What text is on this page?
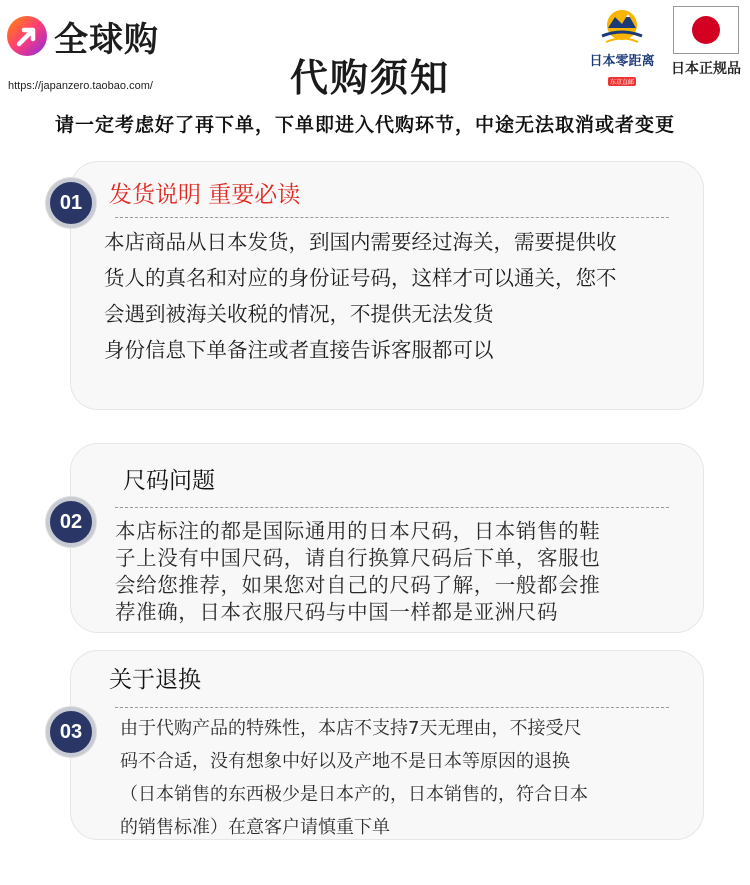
全球购
https://japanzero.taobao.com/	代购须知	日本零距离
东京直邮
日本正规品
请一定考虑好了再下单，下单即进入代购环节，中途无法取消或者变更
发货说明 重要必读
本店商品从日本发货，到国内需要经过海关，需要提供收
货人的真名和对应的身份证号码，这样才可以通关，您不
会遇到被海关收税的情况，不提供无法发货
身份信息下单备注或者直接告诉客服都可以
01
尺码问题
本店标注的都是国际通用的日本尺码，日本销售的鞋
子上没有中国尺码，请自行换算尺码后下单，客服也
会给您推荐，如果您对自己的尺码了解，一般都会推
荐准确，日本衣服尺码与中国一样都是亚洲尺码
02
关于退换
由于代购产品的特殊性，本店不支持7天无理由，不接受尺
码不合适，没有想象中好以及产地不是日本等原因的退换
（日本销售的东西极少是日本产的，日本销售的，符合日本
的销售标准）在意客户请慎重下单
03
